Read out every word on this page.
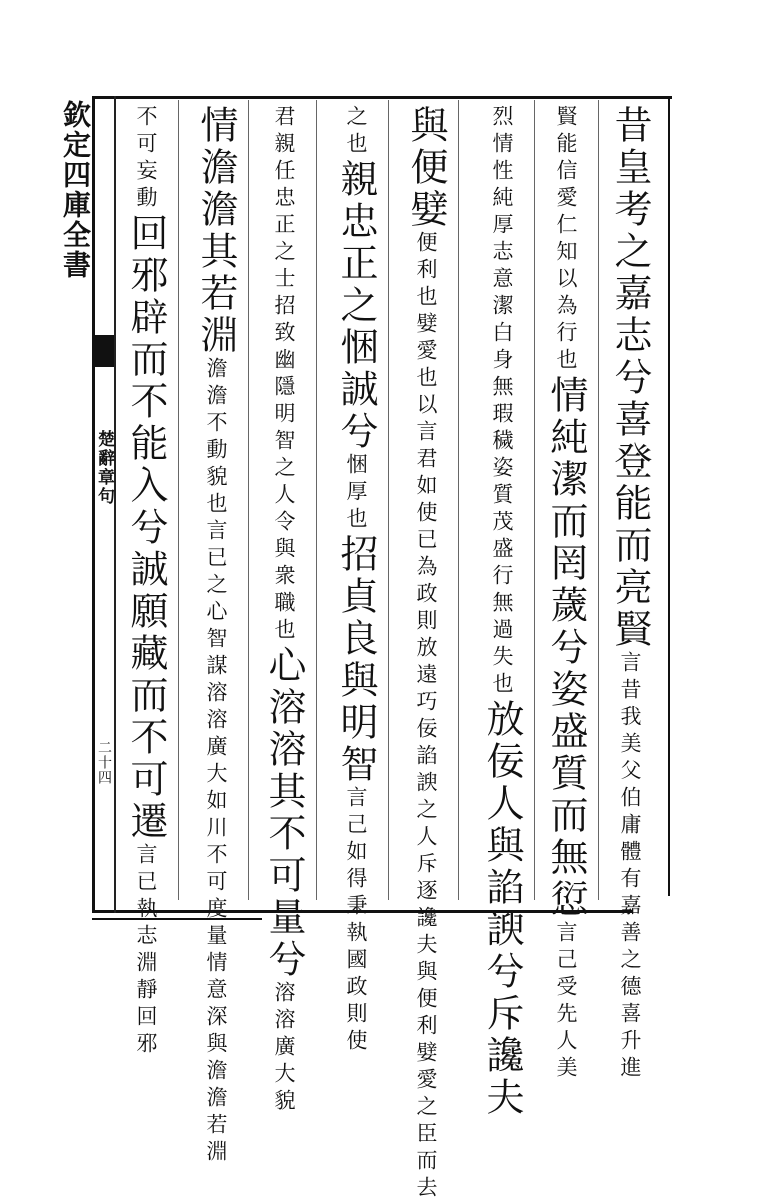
欽定四庫全書
楚辭章句
二十四
昔皇考之嘉志兮喜登能而亮賢言昔我美父伯庸體有嘉善之德喜升進
賢能信愛仁知以為行也情純潔而罔薉兮姿盛質而無愆言己受先人美
烈情性純厚志意潔白身無瑕穢姿質茂盛行無過失也放佞人與諂諛兮斥讒夫
與便嬖便利也嬖愛也以言君如使已為政則放遠巧佞諂諛之人斥逐讒夫與便利嬖愛之臣而去
之也親忠正之悃誠兮悃厚也招貞良與明智言己如得秉執國政則使
君親任忠正之士招致幽隱明智之人令與衆職也心溶溶其不可量兮溶溶廣大貌
情澹澹其若淵澹澹不動貌也言已之心智謀溶溶廣大如川不可度量情意深與澹澹若淵
不可妄動回邪辟而不能入兮誠願藏而不可遷言已執志淵靜回邪
